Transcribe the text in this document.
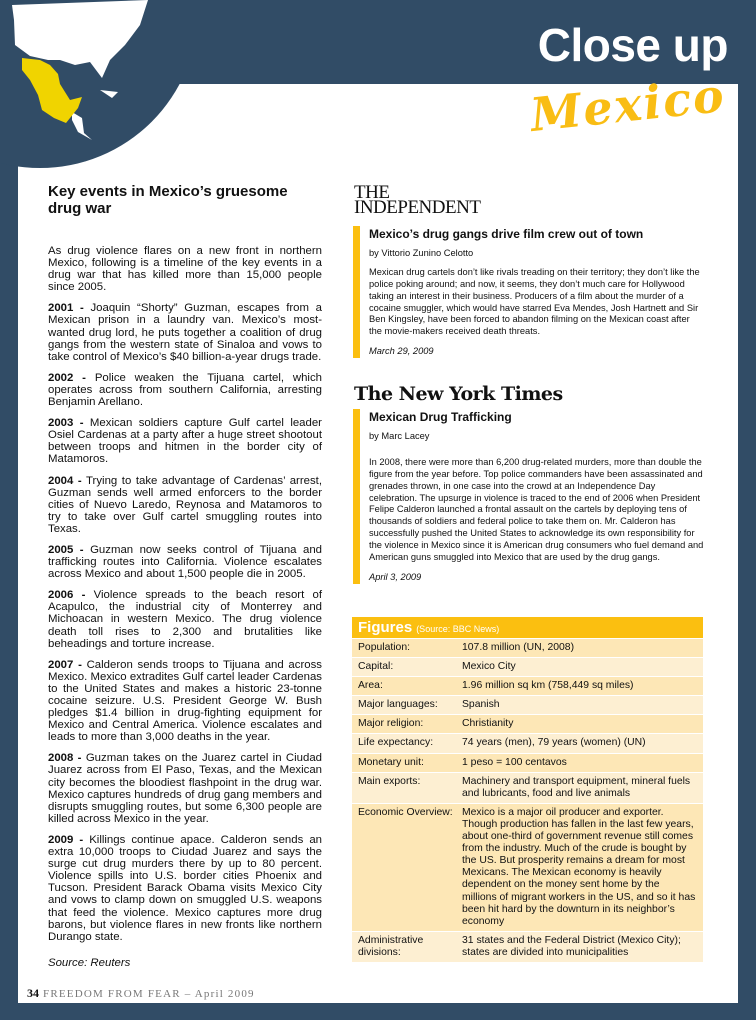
Close up
Mexico
Key events in Mexico’s gruesome drug war

As drug violence flares on a new front in northern Mexico, following is a timeline of the key events in a drug war that has killed more than 15,000 people since 2005.

2001 - Joaquin “Shorty” Guzman, escapes from a Mexican prison in a laundry van. Mexico’s most-wanted drug lord, he puts together a coalition of drug gangs from the western state of Sinaloa and vows to take control of Mexico’s $40 billion-a-year drugs trade.

2002 - Police weaken the Tijuana cartel, which operates across from southern California, arresting Benjamin Arellano.

2003 - Mexican soldiers capture Gulf cartel leader Osiel Cardenas at a party after a huge street shootout between troops and hitmen in the border city of Matamoros.

2004 - Trying to take advantage of Cardenas’ arrest, Guzman sends well armed enforcers to the border cities of Nuevo Laredo, Reynosa and Matamoros to try to take over Gulf cartel smuggling routes into Texas.

2005 - Guzman now seeks control of Tijuana and trafficking routes into California. Violence escalates across Mexico and about 1,500 people die in 2005.

2006 - Violence spreads to the beach resort of Acapulco, the industrial city of Monterrey and Michoacan in western Mexico. The drug violence death toll rises to 2,300 and brutalities like beheadings and torture increase.

2007 - Calderon sends troops to Tijuana and across Mexico. Mexico extradites Gulf cartel leader Cardenas to the United States and makes a historic 23-tonne cocaine seizure. U.S. President George W. Bush pledges $1.4 billion in drug-fighting equipment for Mexico and Central America. Violence escalates and leads to more than 3,000 deaths in the year.

2008 - Guzman takes on the Juarez cartel in Ciudad Juarez across from El Paso, Texas, and the Mexican city becomes the bloodiest flashpoint in the drug war. Mexico captures hundreds of drug gang members and disrupts smuggling routes, but some 6,300 people are killed across Mexico in the year.

2009 - Killings continue apace. Calderon sends an extra 10,000 troops to Ciudad Juarez and says the surge cut drug murders there by up to 80 percent. Violence spills into U.S. border cities Phoenix and Tucson. President Barack Obama visits Mexico City and vows to clamp down on smuggled U.S. weapons that feed the violence. Mexico captures more drug barons, but violence flares in new fronts like northern Durango state.

Source: Reuters
THE
INDEPENDENT
Mexico’s drug gangs drive film crew out of town
by Vittorio Zunino Celotto
Mexican drug cartels don’t like rivals treading on their territory; they don’t like the police poking around; and now, it seems, they don’t much care for Hollywood taking an interest in their business. Producers of a film about the murder of a cocaine smuggler, which would have starred Eva Mendes, Josh Hartnett and Sir Ben Kingsley, have been forced to abandon filming on the Mexican coast after the movie-makers received death threats.
March 29, 2009
The New York Times
Mexican Drug Trafficking
by Marc Lacey
In 2008, there were more than 6,200 drug-related murders, more than double the figure from the year before. Top police commanders have been assassinated and grenades thrown, in one case into the crowd at an Independence Day celebration. The upsurge in violence is traced to the end of 2006 when President Felipe Calderon launched a frontal assault on the cartels by deploying tens of thousands of soldiers and federal police to take them on. Mr. Calderon has successfully pushed the United States to acknowledge its own responsibility for the violence in Mexico since it is American drug consumers who fuel demand and American guns smuggled into Mexico that are used by the drug gangs.
April 3, 2009
Figures (Source: BBC News)
Population:	107.8 million (UN, 2008)
Capital:	Mexico City
Area:	1.96 million sq km (758,449 sq miles)
Major languages:	Spanish
Major religion:	Christianity
Life expectancy:	74 years (men), 79 years (women) (UN)
Monetary unit:	1 peso = 100 centavos
Main exports:	Machinery and transport equipment, mineral fuels and lubricants, food and live animals
Economic Overview: Mexico is a major oil producer and exporter. Though production has fallen in the last few years, about one-third of government revenue still comes from the industry. Much of the crude is bought by the US. But prosperity remains a dream for most Mexicans. The Mexican economy is heavily dependent on the money sent home by the millions of migrant workers in the US, and so it has been hit hard by the downturn in its neighbor’s economy
Administrative divisions:
31 states and the Federal District (Mexico City); states are divided into municipalities
34 FREEDOM FROM FEAR – April 2009
